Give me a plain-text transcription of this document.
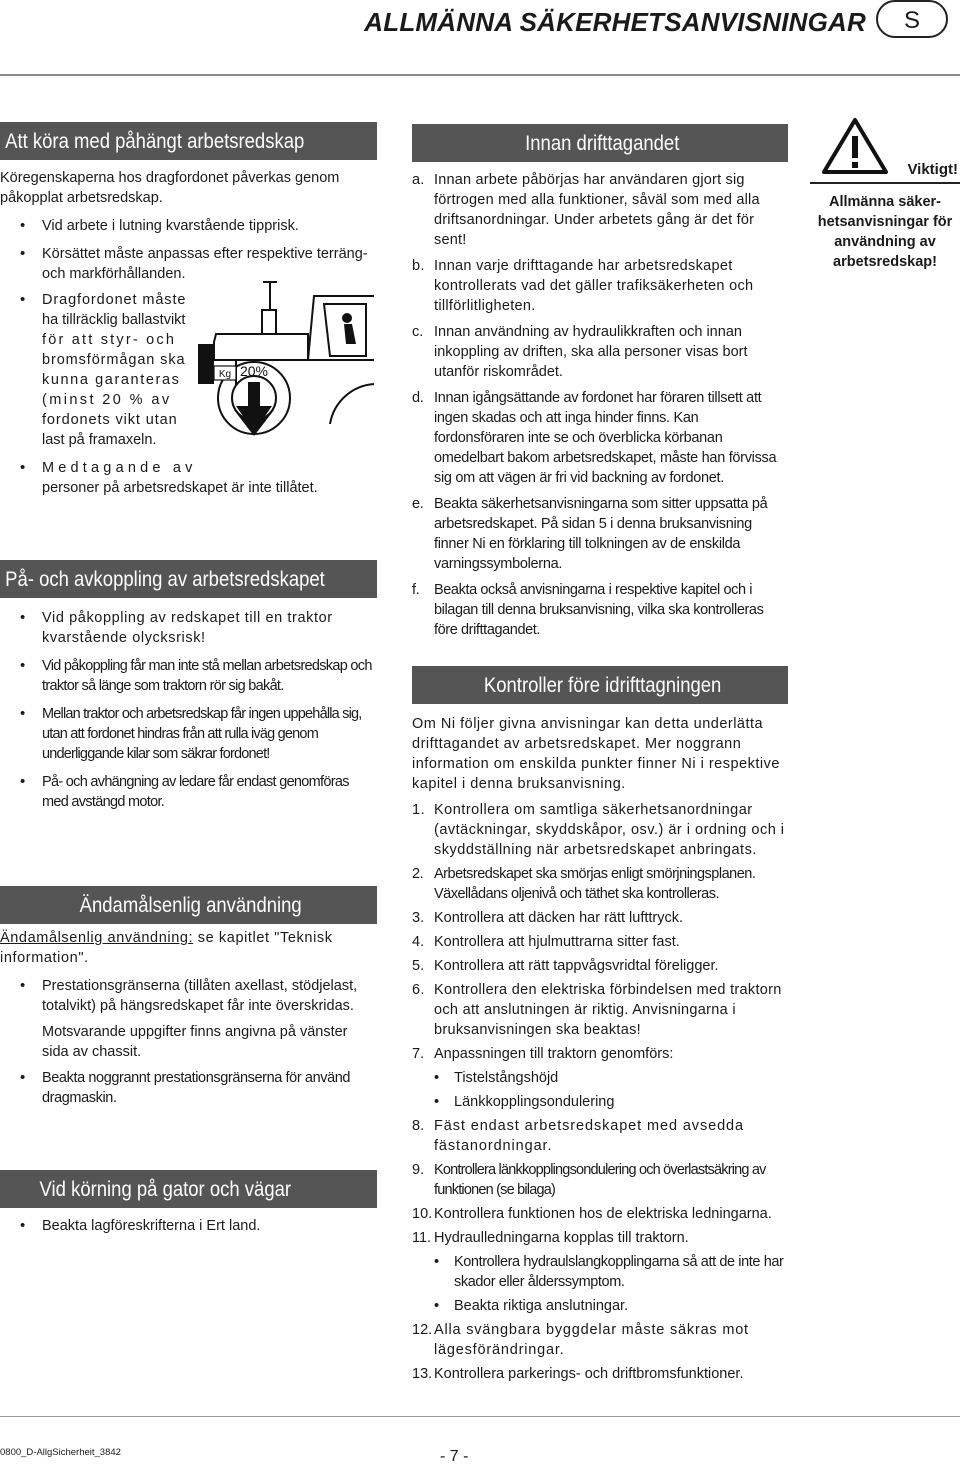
ALLMÄNNA SÄKERHETSANVISNINGAR	S
Att köra med påhängt arbetsredskap

Köregenskaperna hos dragfordonet påverkas genom påkopplat arbetsredskap.

• Vid arbete i lutning kvarstående tipprisk.

• Körsättet måste anpassas efter respektive terräng- och markförhållanden.

• Dragfordonet måste
ha tillräcklig ballastvikt
för att styr- och
bromsförmågan ska
kunna garanteras
(minst 20 % av
fordonets vikt utan
last på framaxeln.
Kg 20%

• Medtagande av

personer på arbetsredskapet är inte tillåtet.

På- och avkoppling av arbetsredskapet

• Vid påkoppling av redskapet till en traktor kvarstående olycksrisk!

• Vid påkoppling får man inte stå mellan arbetsredskap och traktor så länge som traktorn rör sig bakåt.

• Mellan traktor och arbetsredskap får ingen uppehålla sig, utan att fordonet hindras från att rulla iväg genom underliggande kilar som säkrar fordonet!

• På- och avhängning av ledare får endast genomföras med avstängd motor.

Ändamålsenlig användning

Ändamålsenlig användning: se kapitlet "Teknisk information".

• Prestationsgränserna (tillåten axellast, stödjelast, totalvikt) på hängsredskapet får inte överskridas.

Motsvarande uppgifter finns angivna på vänster sida av chassit.

• Beakta noggrannt prestationsgränserna för använd dragmaskin.

Vid körning på gator och vägar

• Beakta lagföreskrifterna i Ert land.

Innan drifttagandet
a. Innan arbete påbörjas har användaren gjort sig förtrogen med alla funktioner, såväl som med alla driftsanordningar. Under arbetets gång är det för sent!
b. Innan varje drifttagande har arbetsredskapet kontrollerats vad det gäller trafiksäkerheten och tillförlitligheten.
c. Innan användning av hydraulikkraften och innan inkoppling av driften, ska alla personer visas bort utanför riskområdet.
d. Innan igångsättande av fordonet har föraren tillsett att ingen skadas och att inga hinder finns. Kan fordonsföraren inte se och överblicka körbanan omedelbart bakom arbetsredskapet, måste han förvissa sig om att vägen är fri vid backning av fordonet.
e. Beakta säkerhetsanvisningarna som sitter uppsatta på arbetsredskapet. På sidan 5 i denna bruksanvisning finner Ni en förklaring till tolkningen av de enskilda varningssymbolerna.
f. Beakta också anvisningarna i respektive kapitel och i bilagan till denna bruksanvisning, vilka ska kontrolleras före drifttagandet.
Kontroller före idrifttagningen

Om Ni följer givna anvisningar kan detta underlätta drifttagandet av arbetsredskapet. Mer noggrann information om enskilda punkter finner Ni i respektive kapitel i denna bruksanvisning.

1. Kontrollera om samtliga säkerhetsanordningar (avtäckningar, skyddskåpor, osv.) är i ordning och i skyddställning när arbetsredskapet anbringats.
2. Arbetsredskapet ska smörjas enligt smörjningsplanen. Växellådans oljenivå och täthet ska kontrolleras.
3. Kontrollera att däcken har rätt lufttryck.
4. Kontrollera att hjulmuttrarna sitter fast.
5. Kontrollera att rätt tappvågsvridtal föreligger.
6. Kontrollera den elektriska förbindelsen med traktorn och att anslutningen är riktig. Anvisningarna i bruksanvisningen ska beaktas!
7. Anpassningen till traktorn genomförs:
• Tistelstångshöjd
• Länkkopplingsondulering
8. Fäst endast arbetsredskapet med avsedda fästanordningar.
9. Kontrollera länkkopplingsondulering och överlastsäkring av funktionen (se bilaga)
10. Kontrollera funktionen hos de elektriska ledningarna.
11. Hydraulledningarna kopplas till traktorn.
• Kontrollera hydraulslangkopplingarna så att de inte har skador eller ålderssymptom.
• Beakta riktiga anslutningar.
12. Alla svängbara byggdelar måste säkras mot lägesförändringar.
13. Kontrollera parkerings- och driftbromsfunktioner.
Viktigt!
Allmänna säker-hetsanvisningar för användning av arbetsredskap!
0800_D-AllgSicherheit_3842	- 7 -
